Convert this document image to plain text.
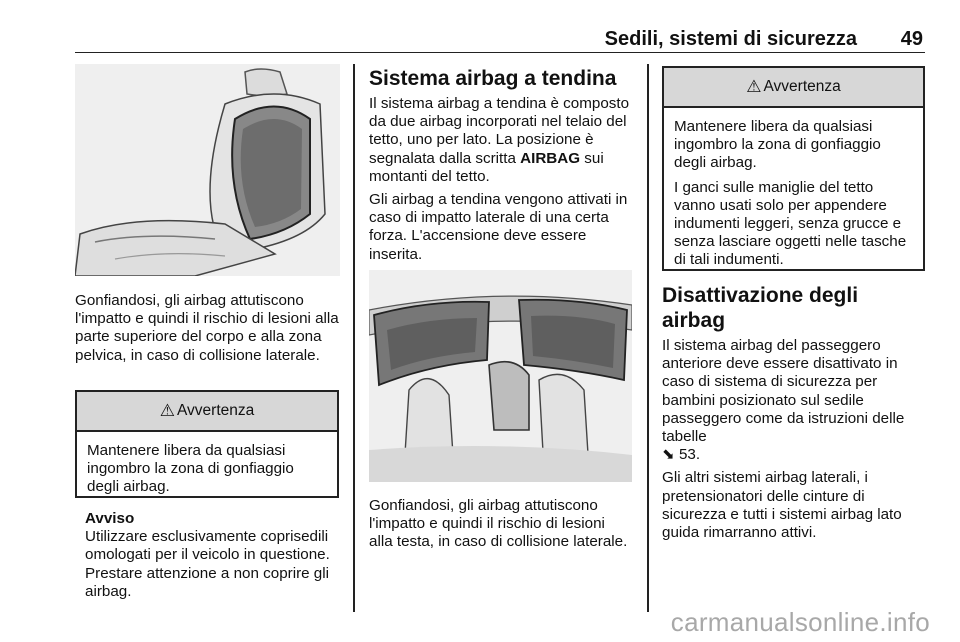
Sedili, sistemi di sicurezza 49

Gonfiandosi, gli airbag attutiscono l'impatto e quindi il rischio di lesioni alla parte superiore del corpo e alla zona pelvica, in caso di collisione laterale.

⚠ Avvertenza

Mantenere libera da qualsiasi ingombro la zona di gonfiaggio degli airbag.

Avviso

Utilizzare esclusivamente coprisedili omologati per il veicolo in questione. Prestare attenzione a non coprire gli airbag.

Sistema airbag a tendina

Il sistema airbag a tendina è composto da due airbag incorporati nel telaio del tetto, uno per lato. La posizione è segnalata dalla scritta AIRBAG sui montanti del tetto.

Gli airbag a tendina vengono attivati in caso di impatto laterale di una certa forza. L'accensione deve essere inserita.

Gonfiandosi, gli airbag attutiscono l'impatto e quindi il rischio di lesioni alla testa, in caso di collisione laterale.

⚠ Avvertenza

Mantenere libera da qualsiasi ingombro la zona di gonfiaggio degli airbag.

I ganci sulle maniglie del tetto vanno usati solo per appendere indumenti leggeri, senza grucce e senza lasciare oggetti nelle tasche di tali indumenti.

Disattivazione degli airbag

Il sistema airbag del passeggero anteriore deve essere disattivato in caso di sistema di sicurezza per bambini posizionato sul sedile passeggero come da istruzioni delle tabelle
⬊ 53.

Gli altri sistemi airbag laterali, i pretensionatori delle cinture di sicurezza e tutti i sistemi airbag lato guida rimarranno attivi.

carmanualsonline.info
